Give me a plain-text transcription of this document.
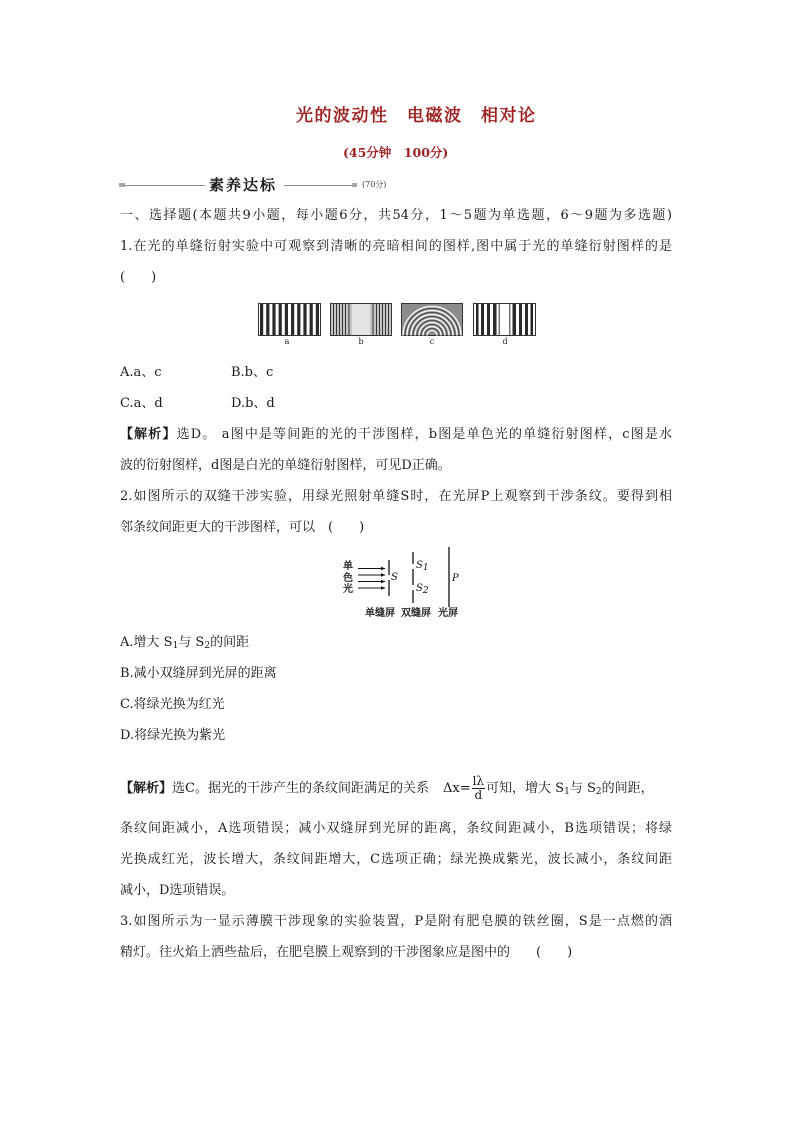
光的波动性　电磁波　相对论
(45分钟　100分)
素养达标	(70分)
一、选择题(本题共9小题，每小题6分，共54分，1～5题为单选题，6～9题为多选题)
1.在光的单缝衍射实验中可观察到清晰的亮暗相间的图样,图中属于光的单缝衍射图样的是
(　　)
a	b	c	d
A.a、c	B.b、c
C.a、d	D.b、d
【解析】选D。 a图中是等间距的光的干涉图样，b图是单色光的单缝衍射图样，c图是水
波的衍射图样，d图是白光的单缝衍射图样，可见D正确。
2.如图所示的双缝干涉实验，用绿光照射单缝S时，在光屏P上观察到干涉条纹。要得到相
邻条纹间距更大的干涉图样，可以　(　　)
单色光
S
$S_1$
$S_2$
P
单缝屏 双缝屏 光屏
A.增大 $S_1$与 $S_2$的间距
B.减小双缝屏到光屏的距离
C.将绿光换为红光
D.将绿光换为紫光
【解析】选C。据光的干涉产生的条纹间距满足的关系 $\Delta x= \frac{l\lambda}{d}$ 可知，增大 $S_1$与 $S_2$的间距，
条纹间距减小，A选项错误；减小双缝屏到光屏的距离，条纹间距减小，B选项错误；将绿
光换成红光，波长增大，条纹间距增大，C选项正确；绿光换成紫光，波长减小，条纹间距
减小，D选项错误。
3.如图所示为一显示薄膜干涉现象的实验装置，P是附有肥皂膜的铁丝圈，S是一点燃的酒
精灯。往火焰上洒些盐后，在肥皂膜上观察到的干涉图象应是图中的　　(　　)
